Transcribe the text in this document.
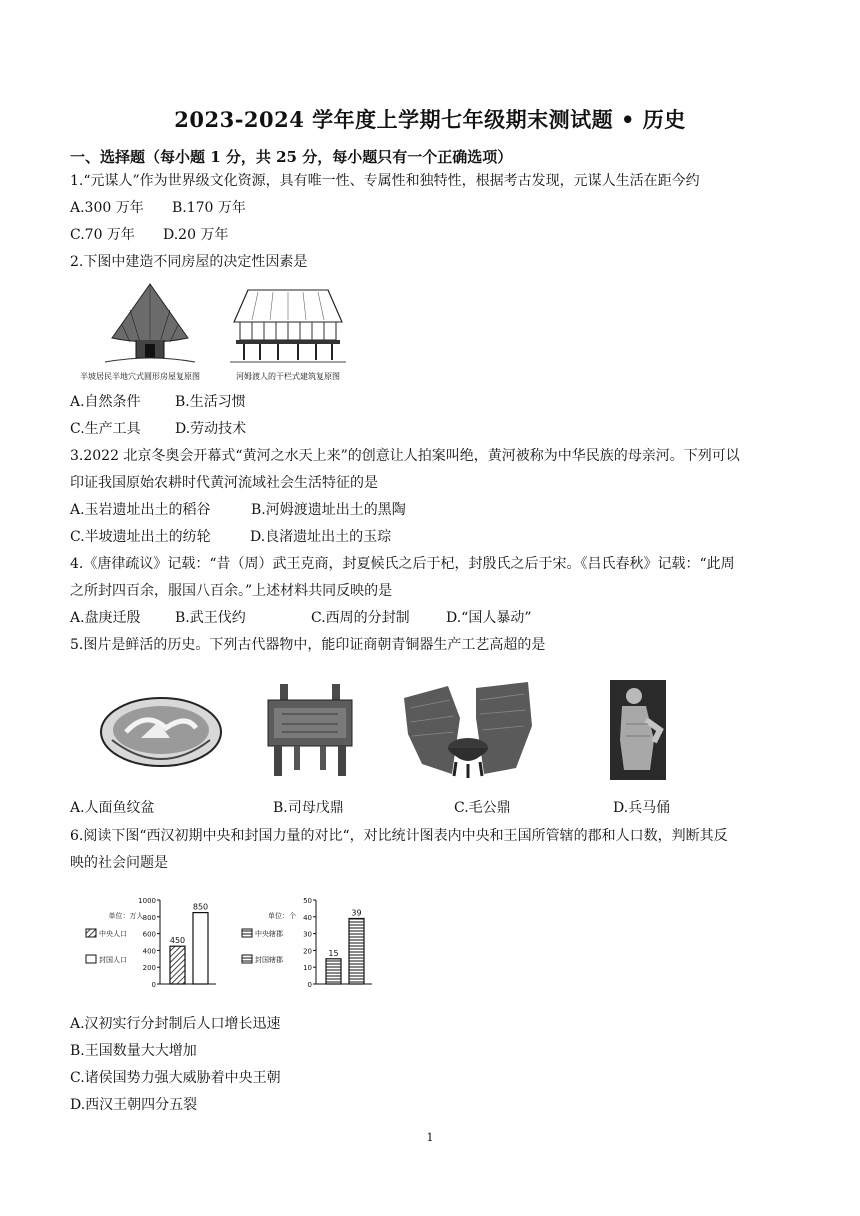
2023-2024 学年度上学期七年级期末测试题 • 历史
一、选择题（每小题 1 分，共 25 分，每小题只有一个正确选项）
1.“元谋人”作为世界级文化资源，具有唯一性、专属性和独特性，根据考古发现，元谋人生活在距今约
A.300 万年 B.170 万年
C.70 万年 D.20 万年
2.下图中建造不同房屋的决定性因素是
半坡居民半地穴式圆形房屋复原图	河姆渡人的干栏式建筑复原图
A.自然条件 B.生活习惯
C.生产工具 D.劳动技术
3.2022 北京冬奥会开幕式“黄河之水天上来”的创意让人拍案叫绝，黄河被称为中华民族的母亲河。下列可以
印证我国原始农耕时代黄河流域社会生活特征的是
A.玉岩遗址出土的稻谷	B.河姆渡遗址出土的黑陶
C.半坡遗址出土的纺轮	D.良渚遗址出土的玉琮
4.《唐律疏议》记载：“昔（周）武王克商，封夏候氏之后于杞，封殷氏之后于宋。《吕氏春秋》记载：“此周
之所封四百余，服国八百余。”上述材料共同反映的是
A.盘庚迁殷 B.武王伐约	C.西周的分封制	D.“国人暴动”
5.图片是鲜活的历史。下列古代器物中，能印证商朝青铜器生产工艺高超的是
A.人面鱼纹盆	B.司母戊鼎	C.毛公鼎	D.兵马俑
6.阅读下图“西汉初期中央和封国力量的对比“，对比统计图表内中央和王国所管辖的郡和人口数，判断其反
映的社会问题是
单位：万人
0
200
400
600
800
1000
中央人口
封国人口
450
850
单位：个
0
10
20
30
40
50
中央辖郡
封国辖郡
15
39
A.汉初实行分封制后人口增长迅速
B.王国数量大大增加
C.诸侯国势力强大威胁着中央王朝
D.西汉王朝四分五裂
1
